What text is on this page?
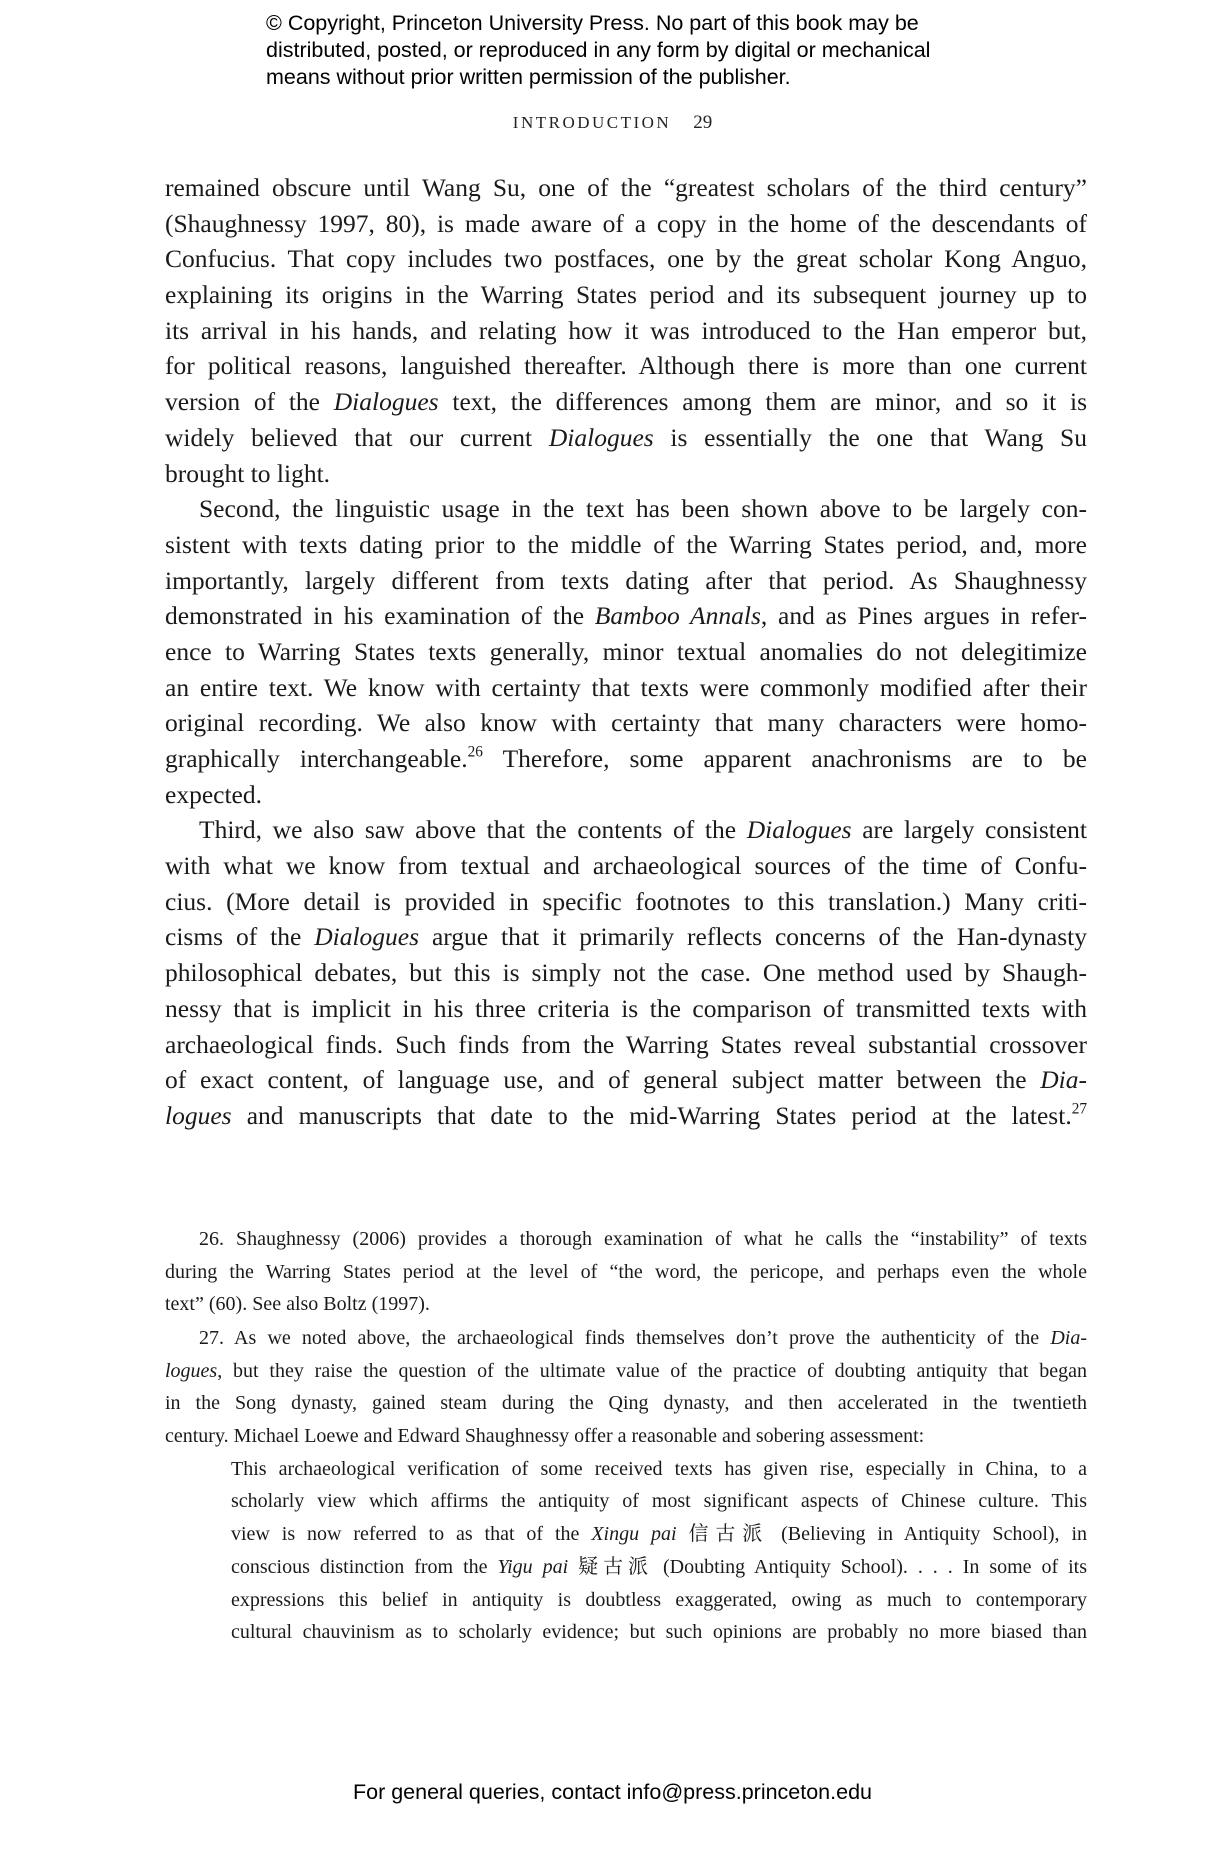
© Copyright, Princeton University Press. No part of this book may be
distributed, posted, or reproduced in any form by digital or mechanical
means without prior written permission of the publisher.
INTRODUCTION 29
remained obscure until Wang Su, one of the “greatest scholars of the third century”
(Shaughnessy 1997, 80), is made aware of a copy in the home of the descendants of
Confucius. That copy includes two postfaces, one by the great scholar Kong Anguo,
explaining its origins in the Warring States period and its subsequent journey up to
its arrival in his hands, and relating how it was introduced to the Han emperor but,
for political reasons, languished thereafter. Although there is more than one current
version of the Dialogues text, the differences among them are minor, and so it is
widely believed that our current Dialogues is essentially the one that Wang Su
brought to light.
Second, the linguistic usage in the text has been shown above to be largely con-
sistent with texts dating prior to the middle of the Warring States period, and, more
importantly, largely different from texts dating after that period. As Shaughnessy
demonstrated in his examination of the Bamboo Annals, and as Pines argues in refer-
ence to Warring States texts generally, minor textual anomalies do not delegitimize
an entire text. We know with certainty that texts were commonly modified after their
original recording. We also know with certainty that many characters were homo-
graphically interchangeable.$^{26}$ Therefore, some apparent anachronisms are to be
expected.
Third, we also saw above that the contents of the Dialogues are largely consistent
with what we know from textual and archaeological sources of the time of Confu-
cius. (More detail is provided in specific footnotes to this translation.) Many criti-
cisms of the Dialogues argue that it primarily reflects concerns of the Han-dynasty
philosophical debates, but this is simply not the case. One method used by Shaugh-
nessy that is implicit in his three criteria is the comparison of transmitted texts with
archaeological finds. Such finds from the Warring States reveal substantial crossover
of exact content, of language use, and of general subject matter between the Dia-
logues and manuscripts that date to the mid-Warring States period at the latest.$^{27}$
26. Shaughnessy (2006) provides a thorough examination of what he calls the “instability” of texts
during the Warring States period at the level of “the word, the pericope, and perhaps even the whole
text” (60). See also Boltz (1997).
27. As we noted above, the archaeological finds themselves don’t prove the authenticity of the Dia-
logues, but they raise the question of the ultimate value of the practice of doubting antiquity that began
in the Song dynasty, gained steam during the Qing dynasty, and then accelerated in the twentieth
century. Michael Loewe and Edward Shaughnessy offer a reasonable and sobering assessment:
This archaeological verification of some received texts has given rise, especially in China, to a
scholarly view which affirms the antiquity of most significant aspects of Chinese culture. This
view is now referred to as that of the Xingu pai 信古派 (Believing in Antiquity School), in
conscious distinction from the Yigu pai 疑古派 (Doubting Antiquity School). . . . In some of its
expressions this belief in antiquity is doubtless exaggerated, owing as much to contemporary
cultural chauvinism as to scholarly evidence; but such opinions are probably no more biased than
For general queries, contact info@press.princeton.edu
